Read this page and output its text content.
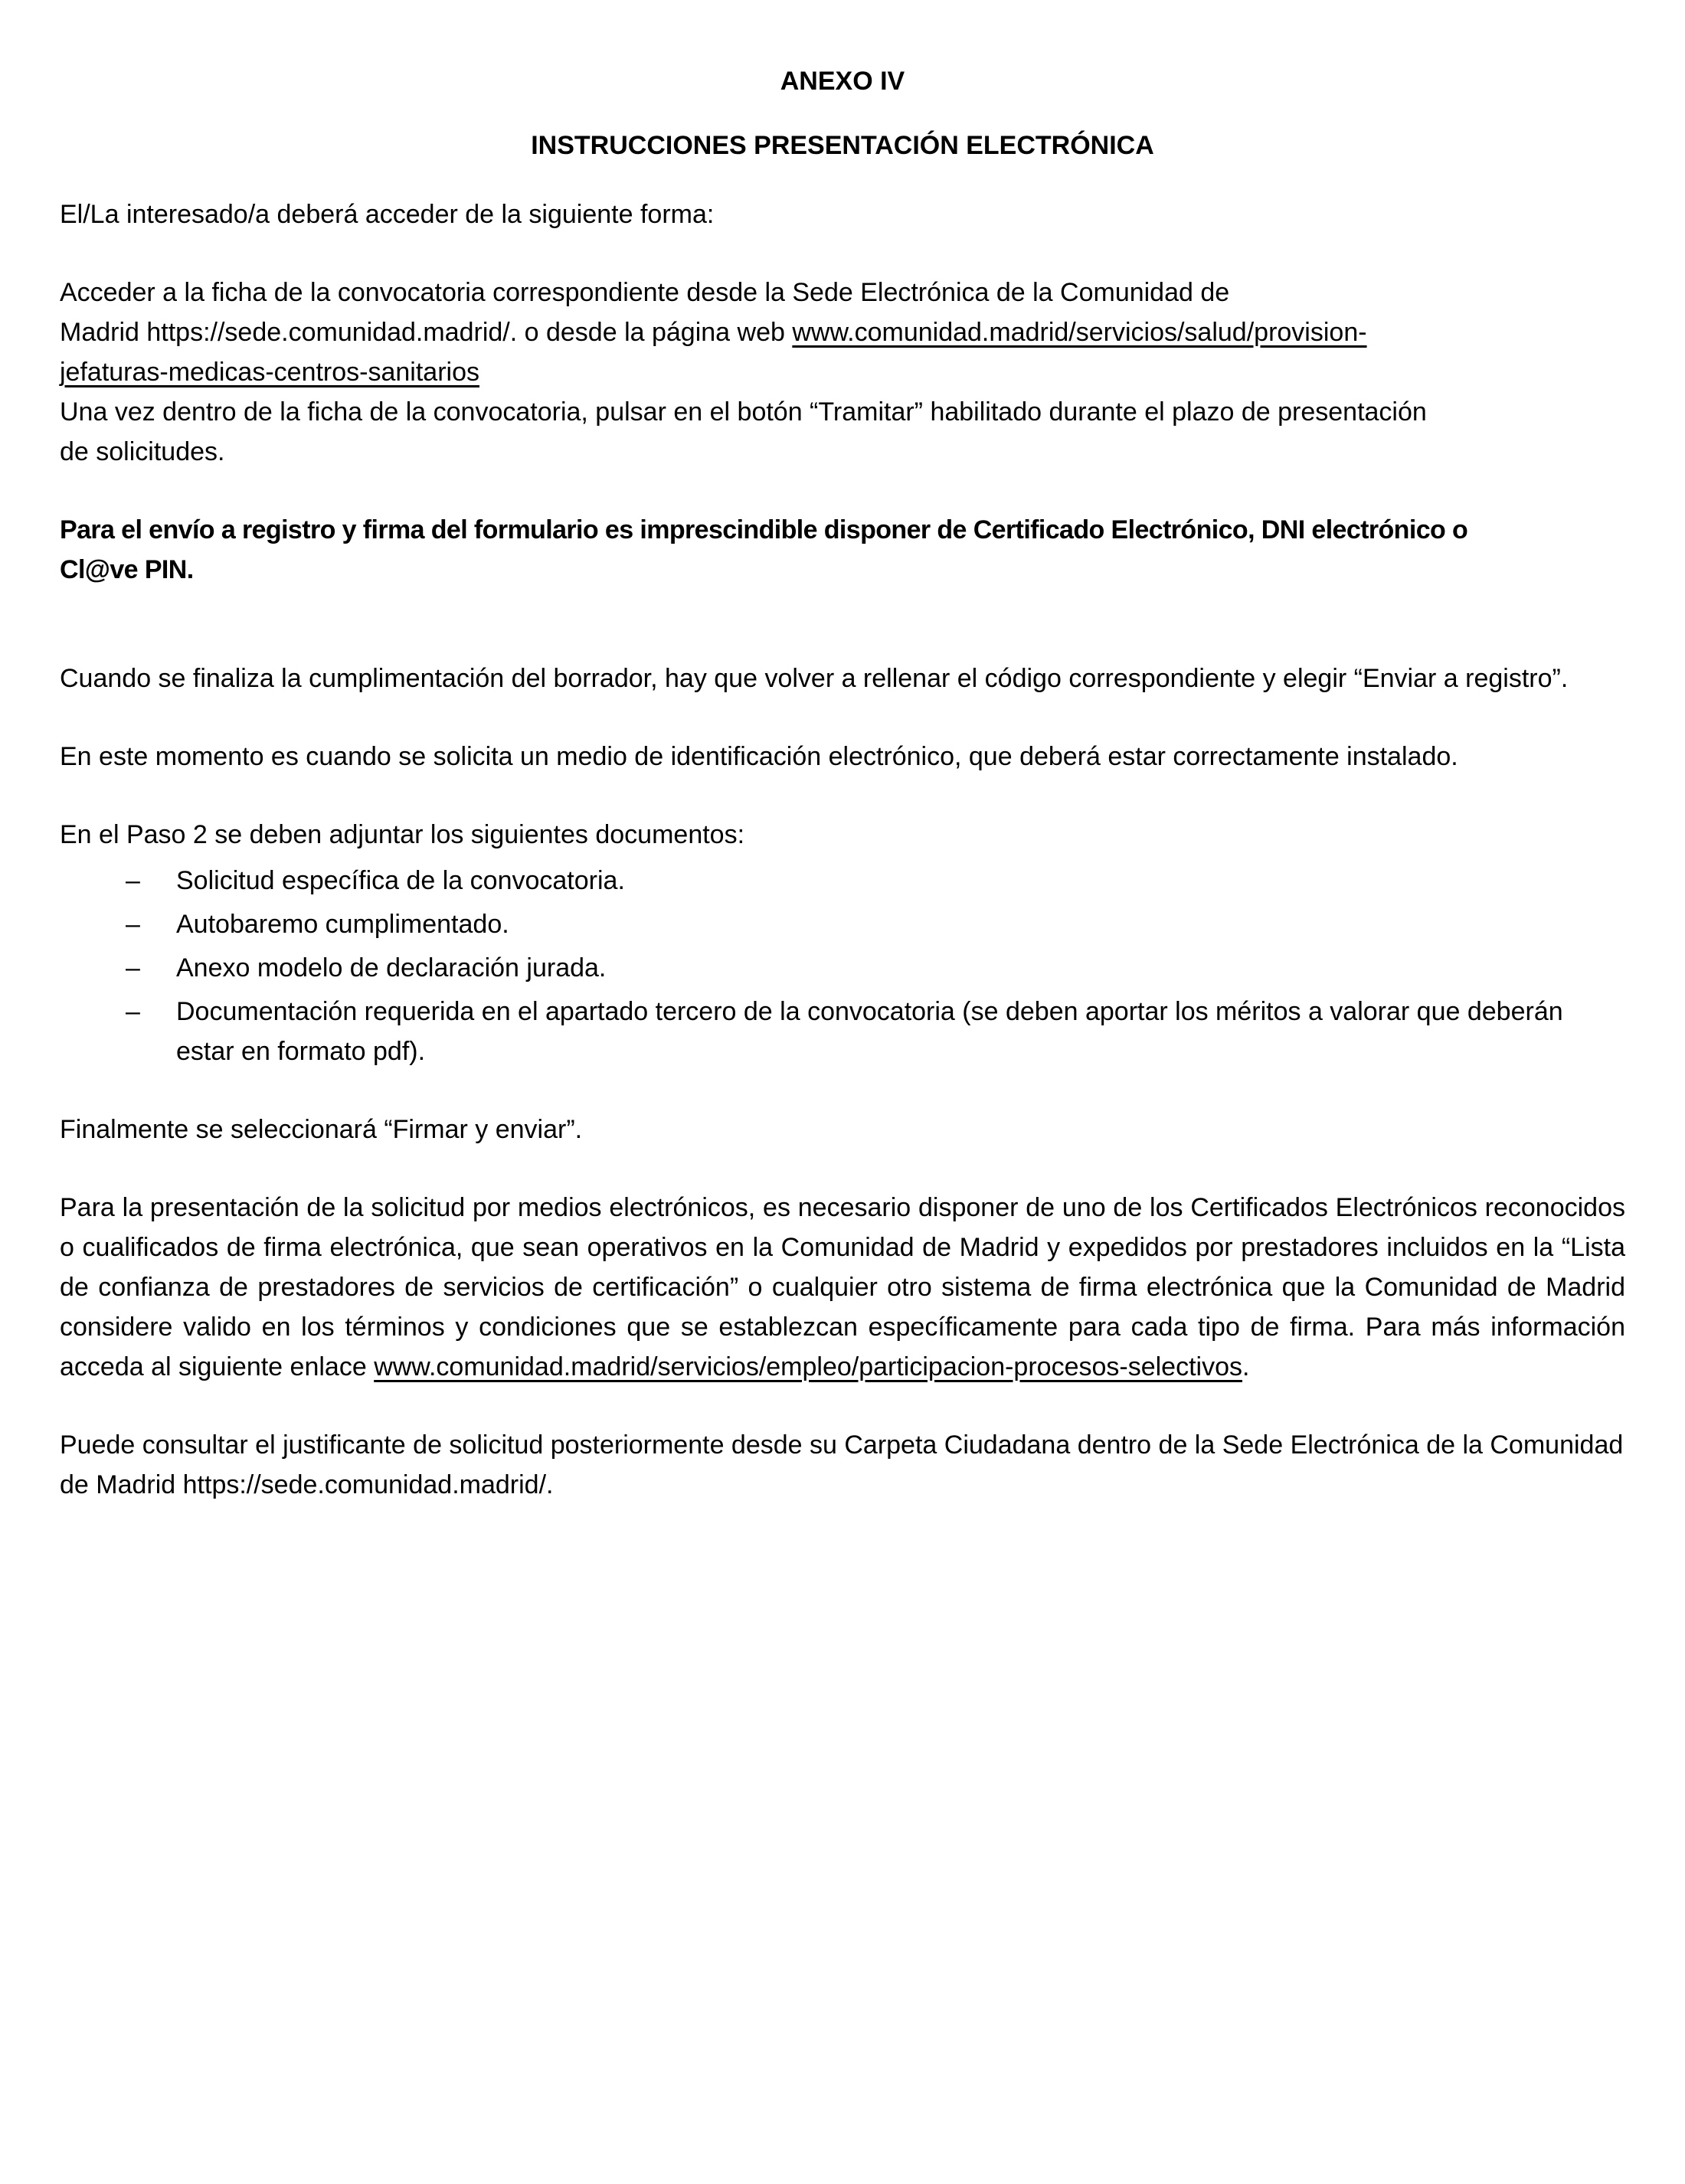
ANEXO IV

INSTRUCCIONES PRESENTACIÓN ELECTRÓNICA

El/La interesado/a deberá acceder de la siguiente forma:

Acceder a la ficha de la convocatoria correspondiente desde la Sede Electrónica de la Comunidad de
Madrid https://sede.comunidad.madrid/. o desde la página web www.comunidad.madrid/servicios/salud/provision-
jefaturas-medicas-centros-sanitarios
Una vez dentro de la ficha de la convocatoria, pulsar en el botón “Tramitar” habilitado durante el plazo de presentación
de solicitudes.

Para el envío a registro y firma del formulario es imprescindible disponer de Certificado Electrónico, DNI electrónico o
Cl@ve PIN.

Cuando se finaliza la cumplimentación del borrador, hay que volver a rellenar el código correspondiente y elegir “Enviar a registro”.

En este momento es cuando se solicita un medio de identificación electrónico, que deberá estar correctamente instalado.

En el Paso 2 se deben adjuntar los siguientes documentos:

– Solicitud específica de la convocatoria.
– Autobaremo cumplimentado.
– Anexo modelo de declaración jurada.
– Documentación requerida en el apartado tercero de la convocatoria (se deben aportar los méritos a valorar que deberán estar en formato pdf).

Finalmente se seleccionará “Firmar y enviar”.

Para la presentación de la solicitud por medios electrónicos, es necesario disponer de uno de los Certificados Electrónicos reconocidos o cualificados de firma electrónica, que sean operativos en la Comunidad de Madrid y expedidos por prestadores incluidos en la “Lista de confianza de prestadores de servicios de certificación” o cualquier otro sistema de firma electrónica que la Comunidad de Madrid considere valido en los términos y condiciones que se establezcan específicamente para cada tipo de firma. Para más información acceda al siguiente enlace www.comunidad.madrid/servicios/empleo/participacion-procesos-selectivos.

Puede consultar el justificante de solicitud posteriormente desde su Carpeta Ciudadana dentro de la Sede Electrónica de la Comunidad de Madrid https://sede.comunidad.madrid/.
